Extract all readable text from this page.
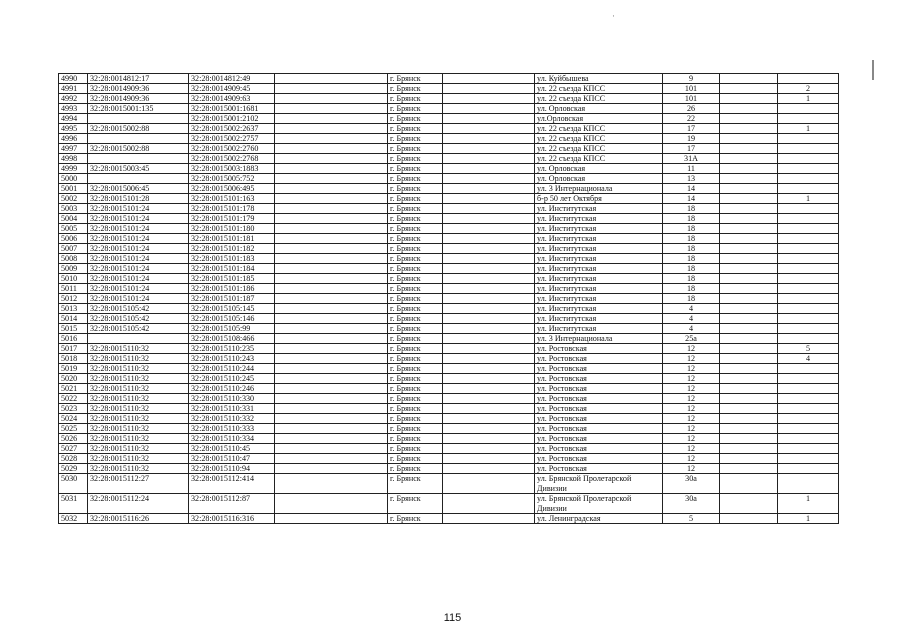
·
4990	32:28:0014812:17	32:28:0014812:49		г. Брянск		ул. Куйбышева	9		
4991	32:28:0014909:36	32:28:0014909:45		г. Брянск		ул. 22 съезда КПСС	101		2
4992	32:28:0014909:36	32:28:0014909:63		г. Брянск		ул. 22 съезда КПСС	101		1
4993	32:28:0015001:135	32:28:0015001:1681		г. Брянск		ул. Орловская	26		
4994		32:28:0015001:2102		г. Брянск		ул.Орловская	22		
4995	32:28:0015002:88	32:28:0015002:2637		г. Брянск		ул. 22 съезда КПСС	17		1
4996		32:28:0015002:2757		г. Брянск		ул. 22 съезда КПСС	19		
4997	32:28:0015002:88	32:28:0015002:2760		г. Брянск		ул. 22 съезда КПСС	17		
4998		32:28:0015002:2768		г. Брянск		ул. 22 съезда КПСС	31А		
4999	32:28:0015003:45	32:28:0015003:1883		г. Брянск		ул. Орловская	11		
5000		32:28:0015005:752		г. Брянск		ул. Орловская	13		
5001	32:28:0015006:45	32:28:0015006:495		г. Брянск		ул. 3 Интернационала	14		
5002	32:28:0015101:28	32:28:0015101:163		г. Брянск		б-р 50 лет Октября	14		1
5003	32:28:0015101:24	32:28:0015101:178		г. Брянск		ул. Институтская	18		
5004	32:28:0015101:24	32:28:0015101:179		г. Брянск		ул. Институтская	18		
5005	32:28:0015101:24	32:28:0015101:180		г. Брянск		ул. Институтская	18		
5006	32:28:0015101:24	32:28:0015101:181		г. Брянск		ул. Институтская	18		
5007	32:28:0015101:24	32:28:0015101:182		г. Брянск		ул. Институтская	18		
5008	32:28:0015101:24	32:28:0015101:183		г. Брянск		ул. Институтская	18		
5009	32:28:0015101:24	32:28:0015101:184		г. Брянск		ул. Институтская	18		
5010	32:28:0015101:24	32:28:0015101:185		г. Брянск		ул. Институтская	18		
5011	32:28:0015101:24	32:28:0015101:186		г. Брянск		ул. Институтская	18		
5012	32:28:0015101:24	32:28:0015101:187		г. Брянск		ул. Институтская	18		
5013	32:28:0015105:42	32:28:0015105:145		г. Брянск		ул. Институтская	4		
5014	32:28:0015105:42	32:28:0015105:146		г. Брянск		ул. Институтская	4		
5015	32:28:0015105:42	32:28:0015105:99		г. Брянск		ул. Институтская	4		
5016		32:28:0015108:466		г. Брянск		ул. 3 Интернационала	25а		
5017	32:28:0015110:32	32:28:0015110:235		г. Брянск		ул. Ростовская	12		5
5018	32:28:0015110:32	32:28:0015110:243		г. Брянск		ул. Ростовская	12		4
5019	32:28:0015110:32	32:28:0015110:244		г. Брянск		ул. Ростовская	12		
5020	32:28:0015110:32	32:28:0015110:245		г. Брянск		ул. Ростовская	12		
5021	32:28:0015110:32	32:28:0015110:246		г. Брянск		ул. Ростовская	12		
5022	32:28:0015110:32	32:28:0015110:330		г. Брянск		ул. Ростовская	12		
5023	32:28:0015110:32	32:28:0015110:331		г. Брянск		ул. Ростовская	12		
5024	32:28:0015110:32	32:28:0015110:332		г. Брянск		ул. Ростовская	12		
5025	32:28:0015110:32	32:28:0015110:333		г. Брянск		ул. Ростовская	12		
5026	32:28:0015110:32	32:28:0015110:334		г. Брянск		ул. Ростовская	12		
5027	32:28:0015110:32	32:28:0015110:45		г. Брянск		ул. Ростовская	12		
5028	32:28:0015110:32	32:28:0015110:47		г. Брянск		ул. Ростовская	12		
5029	32:28:0015110:32	32:28:0015110:94		г. Брянск		ул. Ростовская	12		
5030	32:28:0015112:27	32:28:0015112:414		г. Брянск		ул. Брянской Пролетарской Дивизии	30а		
5031	32:28:0015112:24	32:28:0015112:87		г. Брянск		ул. Брянской Пролетарской Дивизии	30а		1
5032	32:28:0015116:26	32:28:0015116:316		г. Брянск		ул. Ленинградская	5		1
115
